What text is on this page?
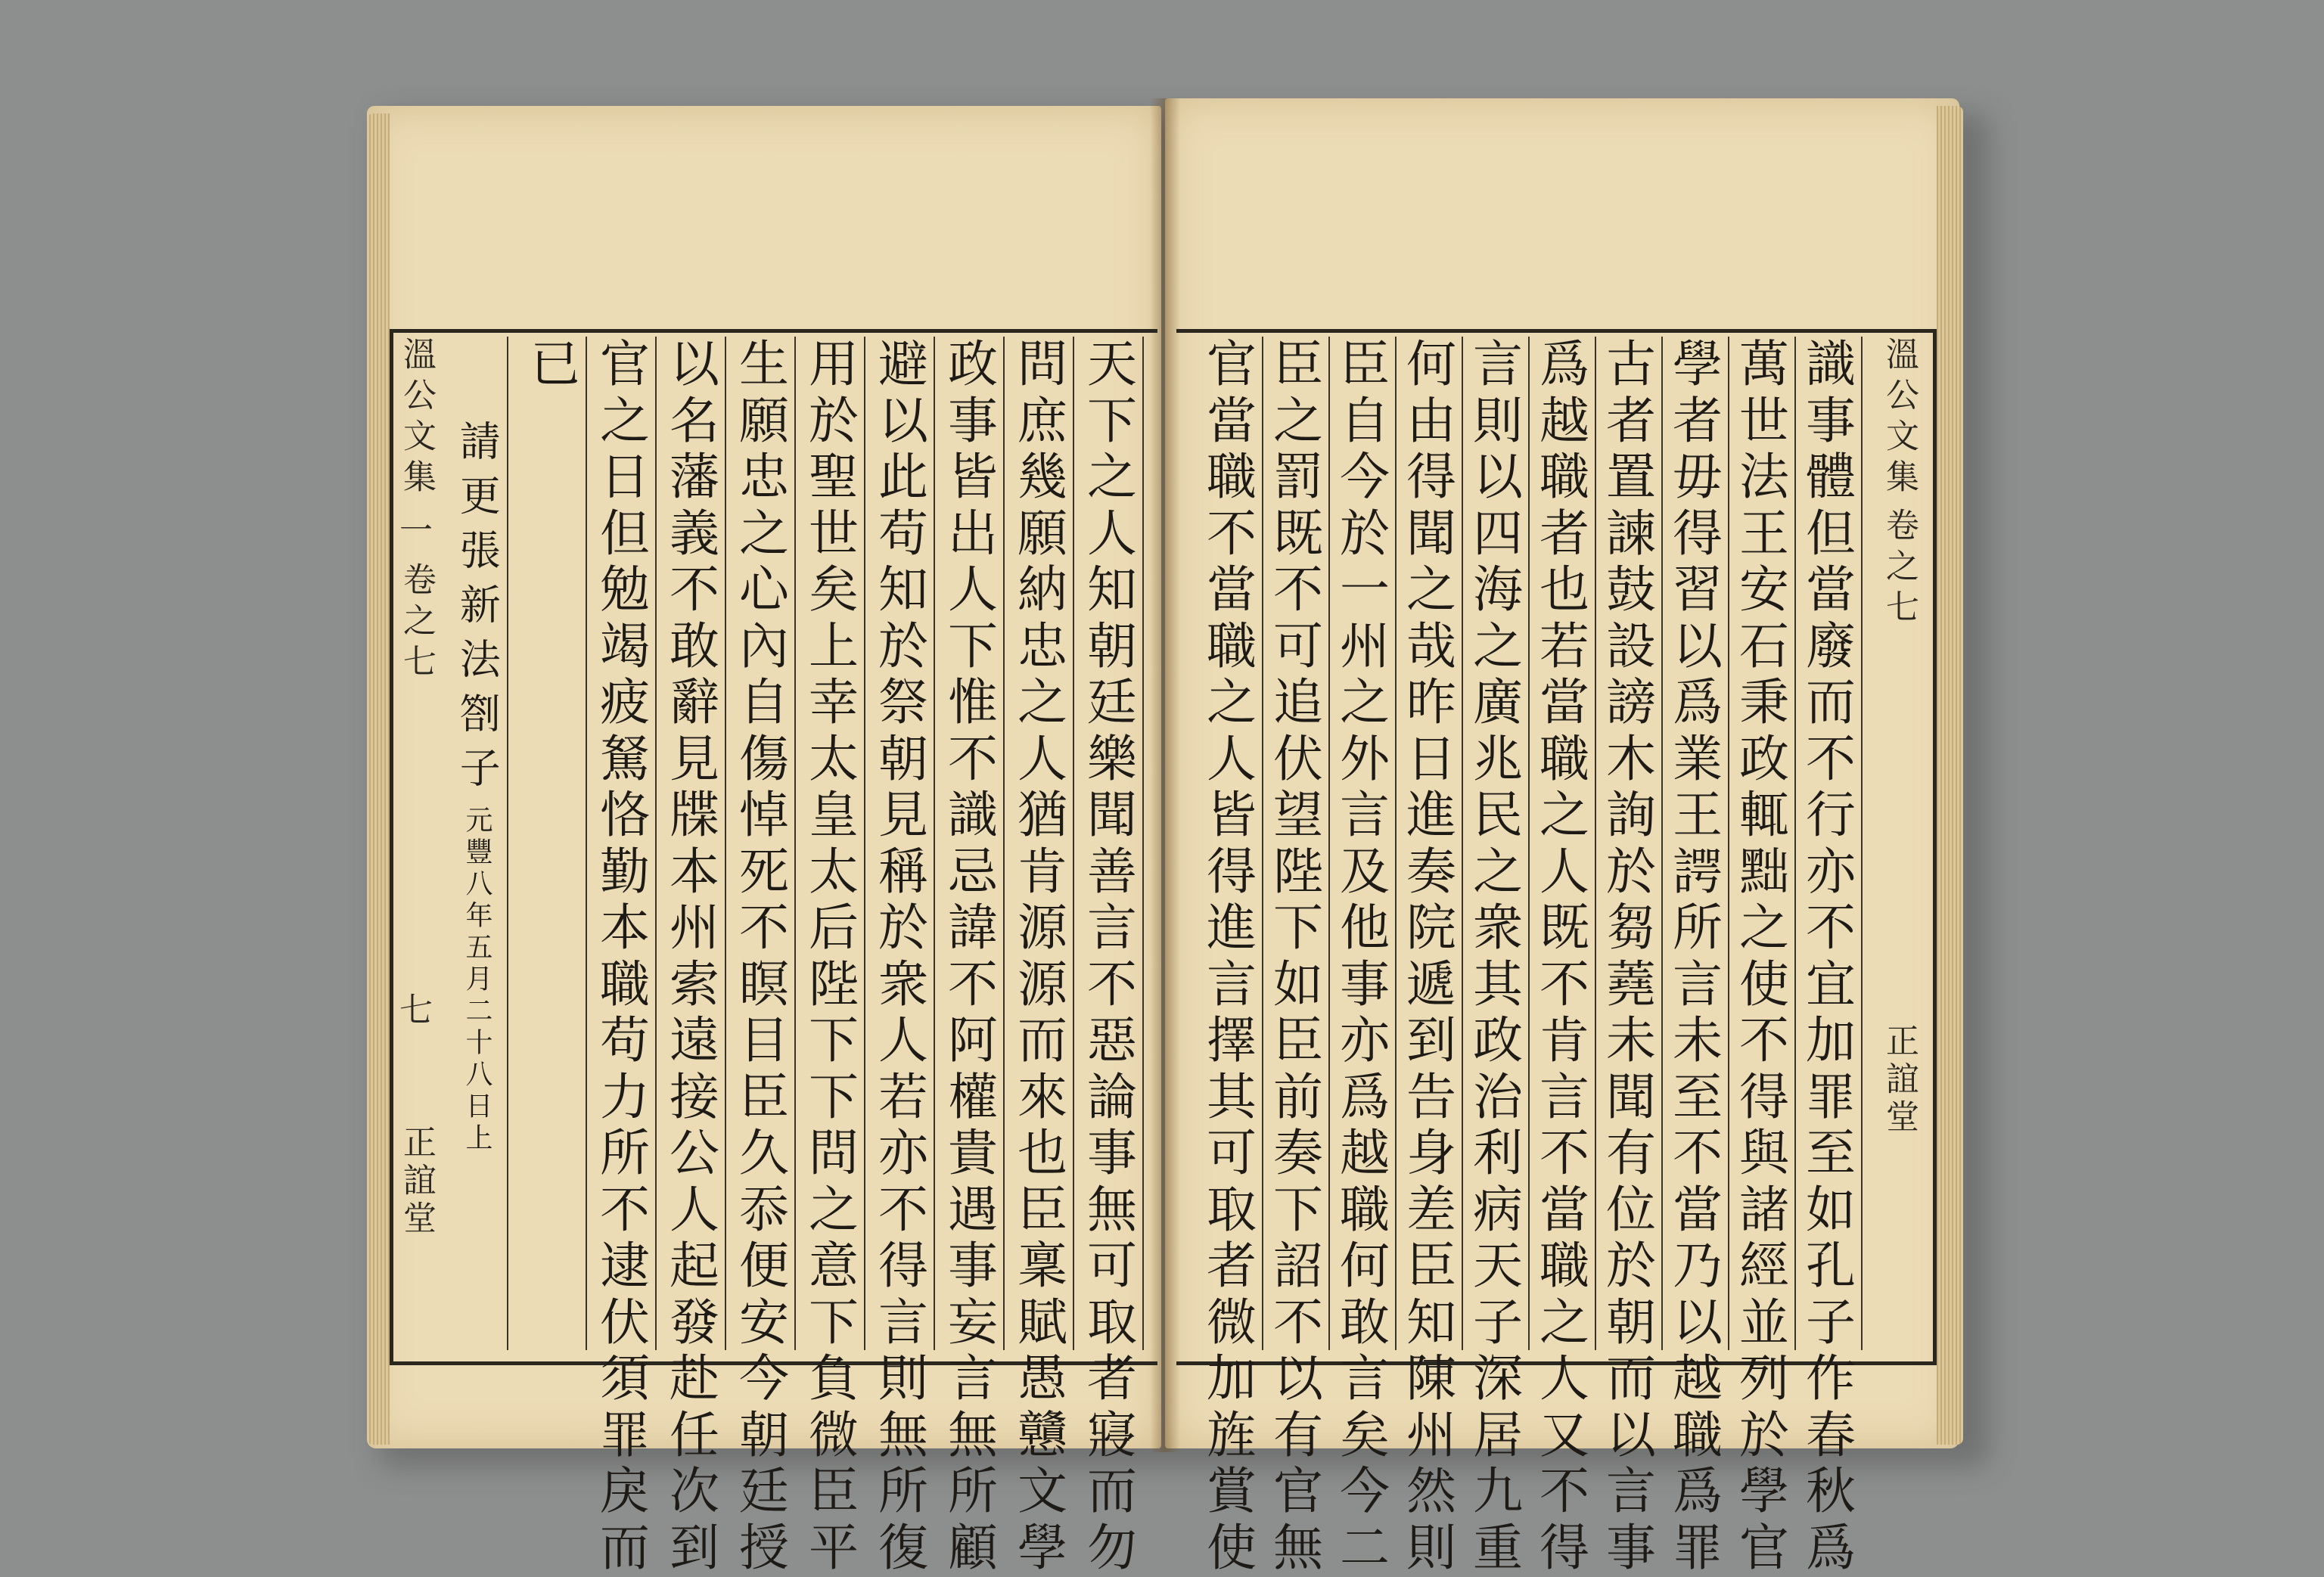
溫公文集
一
卷之七
七
正誼堂
天
下
之
人
知
朝
廷
樂
聞
善
言
不
惡
論
事
無
可
取
者
寢
而
勿
問
庶
幾
願
納
忠
之
人
猶
肯
源
源
而
來
也
臣
稟
賦
愚
戇
文
學
政
事
皆
出
人
下
惟
不
識
忌
諱
不
阿
權
貴
遇
事
妄
言
無
所
顧
避
以
此
苟
知
於
祭
朝
見
稱
於
衆
人
若
亦
不
得
言
則
無
所
復
用
於
聖
世
矣
上
幸
太
皇
太
后
陛
下
下
問
之
意
下
負
微
臣
平
生
願
忠
之
心
內
自
傷
悼
死
不
瞑
目
臣
久
忝
便
安
今
朝
廷
授
以
名
藩
義
不
敢
辭
見
牒
本
州
索
遠
接
公
人
起
發
赴
任
次
到
官
之
日
但
勉
竭
疲
駑
恪
勤
本
職
苟
力
所
不
逮
伏
須
罪
戾
而
已
請更張新法劄子
元豐八年五月二十八日上
識
事
體
但
當
廢
而
不
行
亦
不
宜
加
罪
至
如
孔
子
作
春
秋
爲
萬
世
法
王
安
石
秉
政
輒
黜
之
使
不
得
與
諸
經
並
列
於
學
官
學
者
毋
得
習
以
爲
業
王
諤
所
言
未
至
不
當
乃
以
越
職
爲
罪
古
者
置
諫
鼓
設
謗
木
詢
於
芻
蕘
未
聞
有
位
於
朝
而
以
言
事
爲
越
職
者
也
若
當
職
之
人
既
不
肯
言
不
當
職
之
人
又
不
得
言
則
以
四
海
之
廣
兆
民
之
衆
其
政
治
利
病
天
子
深
居
九
重
何
由
得
聞
之
哉
昨
日
進
奏
院
遞
到
告
身
差
臣
知
陳
州
然
則
臣
自
今
於
一
州
之
外
言
及
他
事
亦
爲
越
職
何
敢
言
矣
今
二
臣
之
罰
既
不
可
追
伏
望
陛
下
如
臣
前
奏
下
詔
不
以
有
官
無
官
當
職
不
當
職
之
人
皆
得
進
言
擇
其
可
取
者
微
加
旌
賞
使
溫公文集
卷之七
正誼堂
